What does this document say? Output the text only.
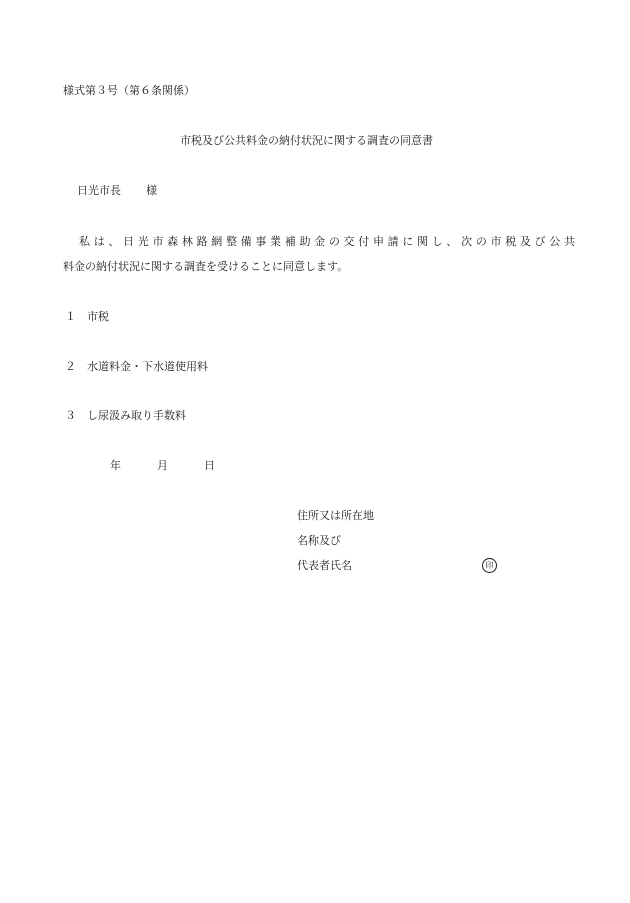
様式第３号（第６条関係）
市税及び公共料金の納付状況に関する調査の同意書
日光市長 様
私は、日光市森林路網整備事業補助金の交付申請に関し、次の市税及び公共
料金の納付状況に関する調査を受けることに同意します。
１ 市税
２ 水道料金・下水道使用料
３ し尿汲み取り手数料
年	月	日
住所又は所在地
名称及び
代表者氏名	印
